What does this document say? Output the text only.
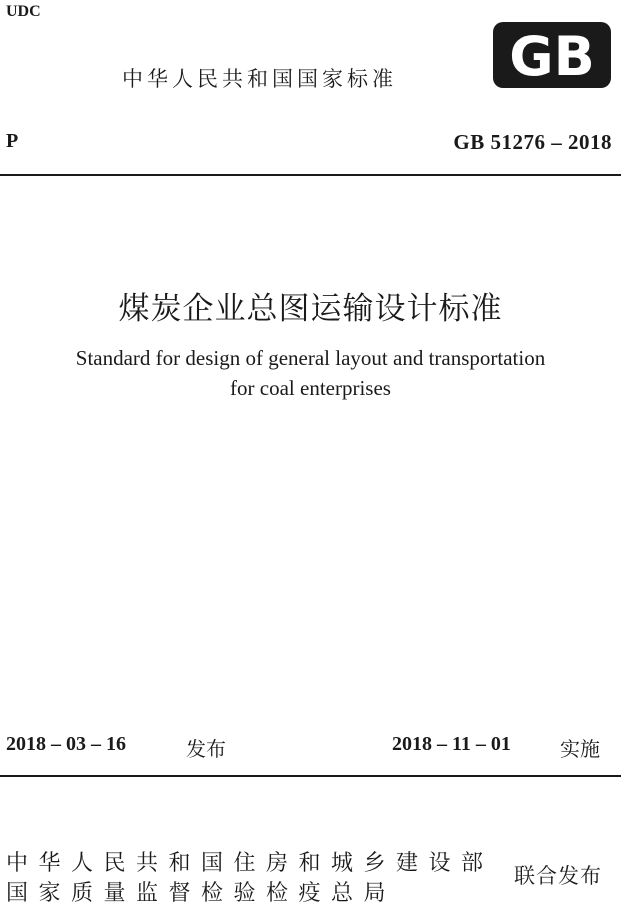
UDC
中华人民共和国国家标准 GB
P	GB 51276 – 2018
煤炭企业总图运输设计标准
Standard for design of general layout and transportation
for coal enterprises
2018 – 03 – 16	发布	2018 – 11 – 01 实施
中华人民共和国住房和城乡建设部
国家质量监督检验检疫总局
联合发布
